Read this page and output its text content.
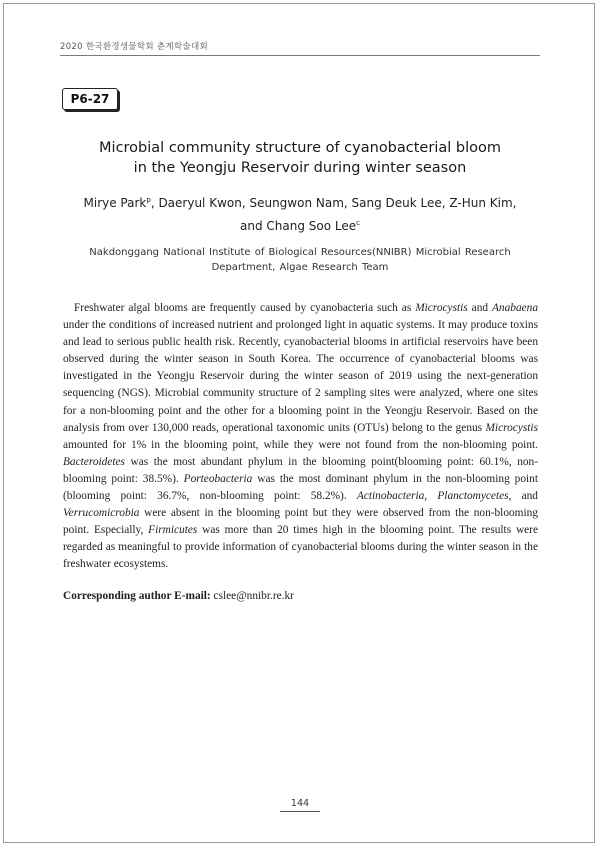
2020 한국환경생물학회 춘계학술대회
P6-27
Microbial community structure of cyanobacterial bloom
in the Yeongju Reservoir during winter season
Mirye Park$^p$, Daeryul Kwon, Seungwon Nam, Sang Deuk Lee, Z-Hun Kim,
and Chang Soo Lee$^c$
Nakdonggang National Institute of Biological Resources(NNIBR) Microbial Research
Department, Algae Research Team

Freshwater algal blooms are frequently caused by cyanobacteria such as Microcystis and Anabaena under the conditions of increased nutrient and prolonged light in aquatic systems. It may produce toxins and lead to serious public health risk. Recently, cyanobacterial blooms in artificial reservoirs have been observed during the winter season in South Korea. The occurrence of cyanobacterial blooms was investigated in the Yeongju Reservoir during the winter season of 2019 using the next-generation sequencing (NGS). Microbial community structure of 2 sampling sites were analyzed, where one sites for a non-blooming point and the other for a blooming point in the Yeongju Reservoir. Based on the analysis from over 130,000 reads, operational taxonomic units (OTUs) belong to the genus Microcystis amounted for 1% in the blooming point, while they were not found from the non-blooming point. Bacteroidetes was the most abundant phylum in the blooming point(blooming point: 60.1%, non-blooming point: 38.5%). Porteobacteria was the most dominant phylum in the non-blooming point (blooming point: 36.7%, non-blooming point: 58.2%). Actinobacteria, Planctomycetes, and Verrucomicrobia were absent in the blooming point but they were observed from the non-blooming point. Especially, Firmicutes was more than 20 times high in the blooming point. The results were regarded as meaningful to provide information of cyanobacterial blooms during the winter season in the freshwater ecosystems.

Corresponding author E-mail: cslee@nnibr.re.kr
144
